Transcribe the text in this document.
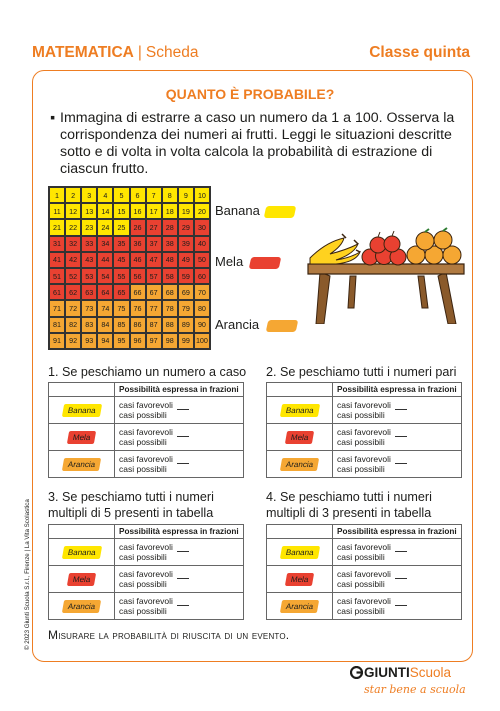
MATEMATICA | Scheda	Classe quinta
QUANTO È PROBABILE?
▪ Immagina di estrarre a caso un numero da 1 a 100. Osserva la corrispondenza dei numeri ai frutti. Leggi le situazioni descritte sotto e di volta in volta calcola la probabilità di estrazione di ciascun frutto.
1	2	3	4	5	6	7	8	9	10
11	12	13	14	15	16	17	18	19	20
21	22	23	24	25	26	27	28	29	30
31	32	33	34	35	36	37	38	39	40
41	42	43	44	45	46	47	48	49	50
51	52	53	54	55	56	57	58	59	60
61	62	63	64	65	66	67	68	69	70
71	72	73	74	75	76	77	78	79	80
81	82	83	84	85	86	87	88	89	90
91	92	93	94	95	96	97	98	99 100
Banana
Mela
Arancia
1. Se peschiamo un numero a caso
	Possibilità espressa in frazioni
Banana	casi favorevoli
casi possibili

Mela	casi favorevoli
casi possibili

Arancia	casi favorevoli
casi possibili
2. Se peschiamo tutti i numeri pari
	Possibilità espressa in frazioni
Banana	casi favorevoli
casi possibili

Mela	casi favorevoli
casi possibili

Arancia	casi favorevoli
casi possibili
3. Se peschiamo tutti i numeri multipli di 5 presenti in tabella
	Possibilità espressa in frazioni
Banana	casi favorevoli
casi possibili

Mela	casi favorevoli
casi possibili

Arancia	casi favorevoli
casi possibili
4. Se peschiamo tutti i numeri multipli di 3 presenti in tabella
	Possibilità espressa in frazioni
Banana	casi favorevoli
casi possibili

Mela	casi favorevoli
casi possibili

Arancia	casi favorevoli
casi possibili
Misurare la probabilità di riuscita di un evento.
© 2023 Giunti Scuola S.r.l., Firenze | La Vita Scolastica
GIUNTIScuola
star bene a scuola
